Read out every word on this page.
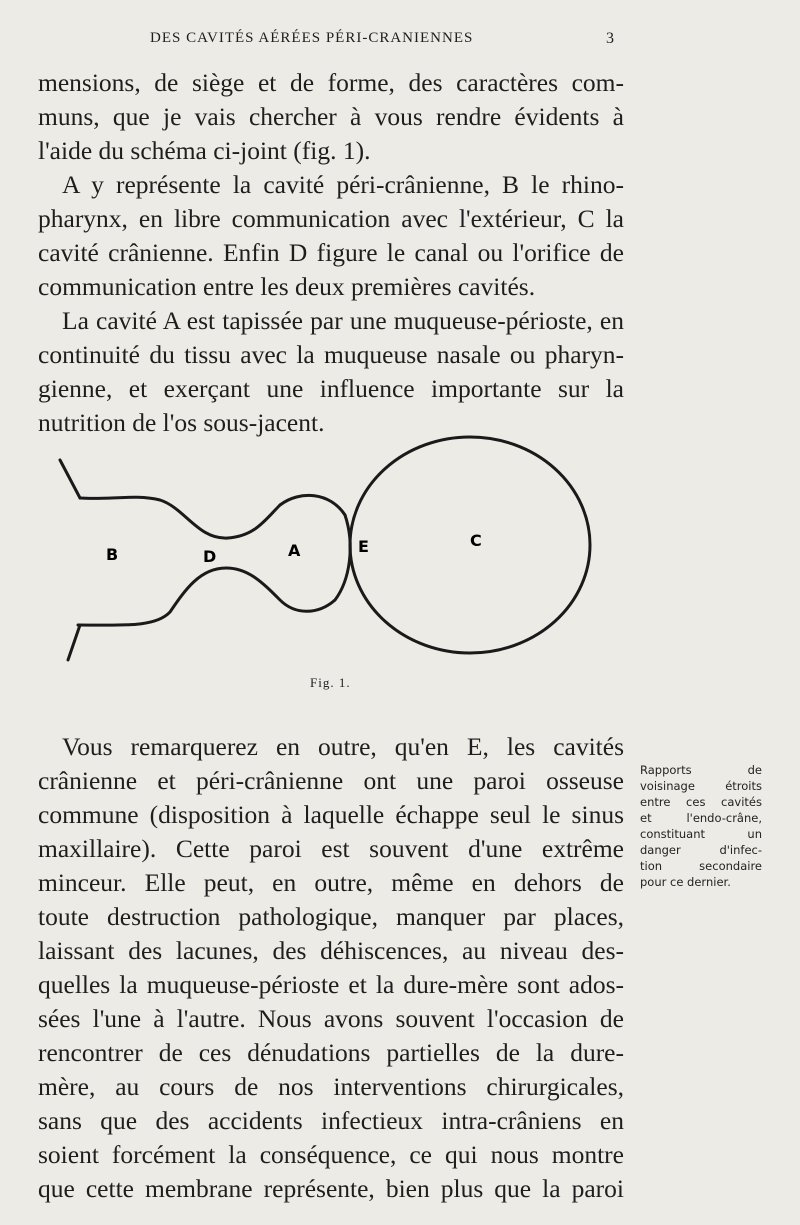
DES CAVITÉS AÉRÉES PÉRI-CRANIENNES	3

mensions, de siège et de forme, des caractères com-
muns, que je vais chercher à vous rendre évidents à
l'aide du schéma ci-joint (fig. 1).

A y représente la cavité péri-crânienne, B le rhino-
pharynx, en libre communication avec l'extérieur, C la
cavité crânienne. Enfin D figure le canal ou l'orifice de
communication entre les deux premières cavités.

La cavité A est tapissée par une muqueuse-périoste, en
continuité du tissu avec la muqueuse nasale ou pharyn-
gienne, et exerçant une influence importante sur la
nutrition de l'os sous-jacent.

B	D	A	E	C
Fig. 1.

Vous remarquerez en outre, qu'en E, les cavités
crânienne et péri-crânienne ont une paroi osseuse
commune (disposition à laquelle échappe seul le sinus
maxillaire). Cette paroi est souvent d'une extrême
minceur. Elle peut, en outre, même en dehors de
toute destruction pathologique, manquer par places,
laissant des lacunes, des déhiscences, au niveau des-
quelles la muqueuse-périoste et la dure-mère sont ados-
sées l'une à l'autre. Nous avons souvent l'occasion de
rencontrer de ces dénudations partielles de la dure-
mère, au cours de nos interventions chirurgicales,
sans que des accidents infectieux intra-crâniens en
soient forcément la conséquence, ce qui nous montre
que cette membrane représente, bien plus que la paroi

Rapports de
voisinage étroits
entre ces cavités
et l'endo-crâne,
constituant un
danger d'infec-
tion secondaire
pour ce dernier.
